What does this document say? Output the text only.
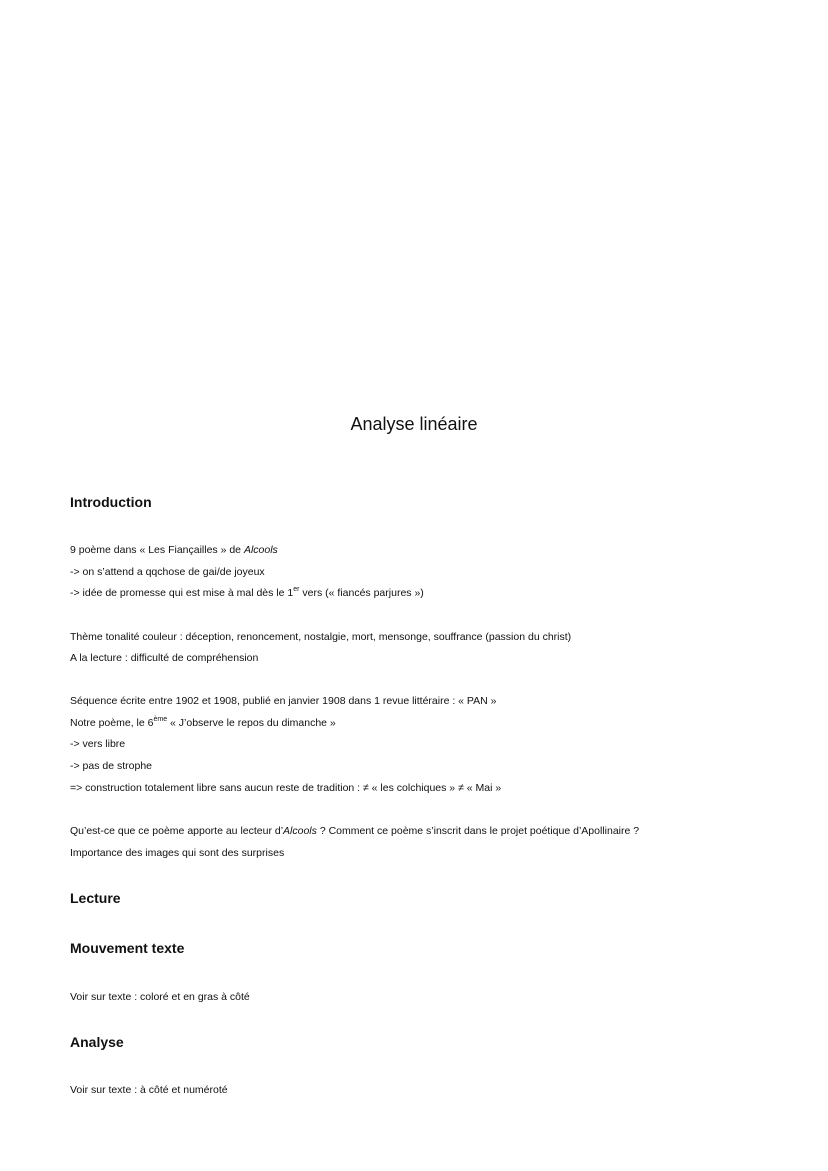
Analyse linéaire
Introduction

9 poème dans « Les Fiançailles » de Alcools

-> on s’attend a qqchose de gai/de joyeux

-> idée de promesse qui est mise à mal dès le 1er vers (« fiancés parjures »)

Thème tonalité couleur : déception, renoncement, nostalgie, mort, mensonge, souffrance (passion du christ)

A la lecture : difficulté de compréhension

Séquence écrite entre 1902 et 1908, publié en janvier 1908 dans 1 revue littéraire : « PAN »

Notre poème, le 6ème « J’observe le repos du dimanche »

-> vers libre

-> pas de strophe

=> construction totalement libre sans aucun reste de tradition : ≠ « les colchiques » ≠ « Mai »

Qu’est-ce que ce poème apporte au lecteur d’Alcools ? Comment ce poème s’inscrit dans le projet poétique d’Apollinaire ?

Importance des images qui sont des surprises

Lecture
Mouvement texte

Voir sur texte : coloré et en gras à côté

Analyse

Voir sur texte : à côté et numéroté
